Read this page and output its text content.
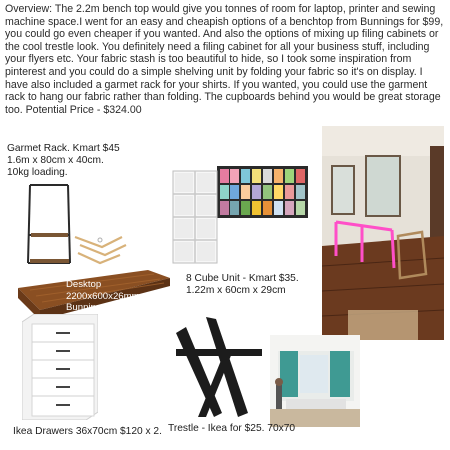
Overview: The 2.2m bench top would give you tonnes of room for laptop, printer and sewing machine space.I went for an easy and cheapish options of a benchtop from Bunnings for $99, you could go even cheaper if you wanted. And also the options of mixing up filing cabinets or the cool trestle look. You definitely need a filing cabinet for all your business stuff, including your flyers etc. Your fabric stash is too beautiful to hide, so I took some inspiration from pinterest and you could do a simple shelving unit by folding your fabric so it's on display. I have also included a garmet rack for your shirts. If you wanted, you could use the garment rack to hang our fabric rather than folding. The cupboards behind you would be great storage too. Potential Price - $324.00
Garmet Rack. Kmart $45
1.6m x 80cm x 40cm.
10kg loading.
Desktop
2200x600x26mm
Bunnings $99
8 Cube Unit - Kmart $35.
1.22m x 60cm x 29cm
Ikea Drawers 36x70cm $120 x 2. Trestle - Ikea for $25. 70x70
